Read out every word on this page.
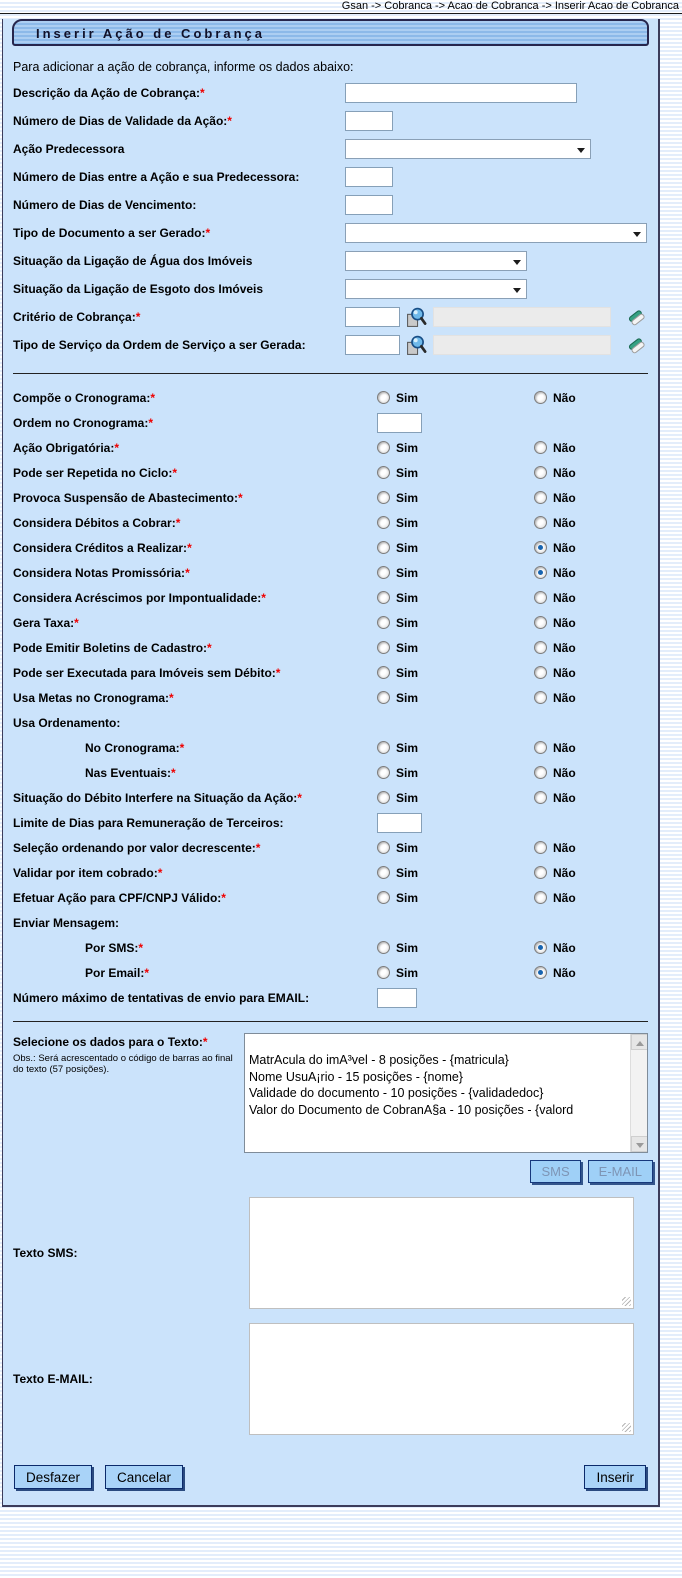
Gsan -> Cobranca -> Acao de Cobranca -> Inserir Acao de Cobranca
Inserir Ação de Cobrança
Para adicionar a ação de cobrança, informe os dados abaixo:
Descrição da Ação de Cobrança:*
Número de Dias de Validade da Ação:*
Ação Predecessora
Número de Dias entre a Ação e sua Predecessora:
Número de Dias de Vencimento:
Tipo de Documento a ser Gerado:*
Situação da Ligação de Água dos Imóveis
Situação da Ligação de Esgoto dos Imóveis
Critério de Cobrança:*
Tipo de Serviço da Ordem de Serviço a ser Gerada:
Compõe o Cronograma:*	Sim	Não
Ordem no Cronograma:*
Ação Obrigatória:*	Sim	Não
Pode ser Repetida no Ciclo:*	Sim	Não
Provoca Suspensão de Abastecimento:*	Sim	Não
Considera Débitos a Cobrar:*	Sim	Não
Considera Créditos a Realizar:*	Sim	Não
Considera Notas Promissória:*	Sim	Não
Considera Acréscimos por Impontualidade:*	Sim	Não
Gera Taxa:*	Sim	Não
Pode Emitir Boletins de Cadastro:*	Sim	Não
Pode ser Executada para Imóveis sem Débito:*	Sim	Não
Usa Metas no Cronograma:*	Sim	Não
Usa Ordenamento:
No Cronograma:*	Sim	Não
Nas Eventuais:*	Sim	Não
Situação do Débito Interfere na Situação da Ação:*	Sim	Não
Limite de Dias para Remuneração de Terceiros:
Seleção ordenando por valor decrescente:*	Sim	Não
Validar por item cobrado:*	Sim	Não
Efetuar Ação para CPF/CNPJ Válido:*	Sim	Não
Enviar Mensagem:
Por SMS:*	Sim	Não
Por Email:*	Sim	Não
Número máximo de tentativas de envio para EMAIL:
Selecione os dados para o Texto:*
Obs.: Será acrescentado o código de barras ao final do texto (57 posições).
MatrAcula do imA³vel - 8 posições - {matricula}
Nome UsuA¡rio - 15 posições - {nome}
Validade do documento - 10 posições - {validadedoc}
Valor do Documento de CobranA§a - 10 posições - {valord
SMS	E-MAIL
Texto SMS:
Texto E-MAIL:
Desfazer	Cancelar	Inserir
